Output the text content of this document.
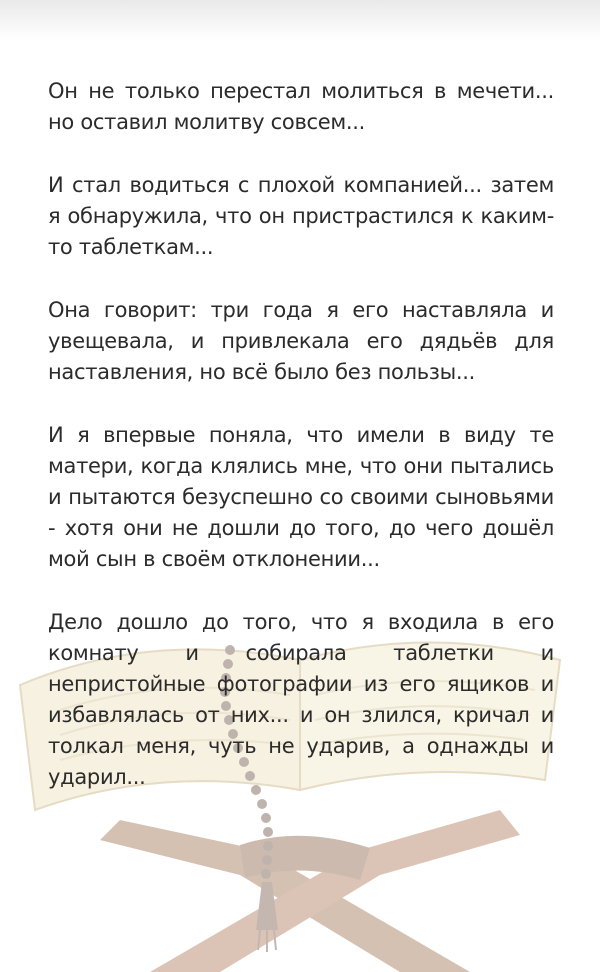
Он не только перестал молиться в мечети... но оставил молитву совсем...

И стал водиться с плохой компанией... затем я обнаружила, что он пристрастился к каким-то таблеткам...

Она говорит: три года я его наставляла и увещевала, и привлекала его дядьёв для наставления, но всё было без пользы...

И я впервые поняла, что имели в виду те матери, когда клялись мне, что они пытались и пытаются безуспешно со своими сыновьями - хотя они не дошли до того, до чего дошёл мой сын в своём отклонении...

Дело дошло до того, что я входила в его комнату и собирала таблетки и непристойные фотографии из его ящиков и избавлялась от них... и он злился, кричал и толкал меня, чуть не ударив, а однажды и ударил...
